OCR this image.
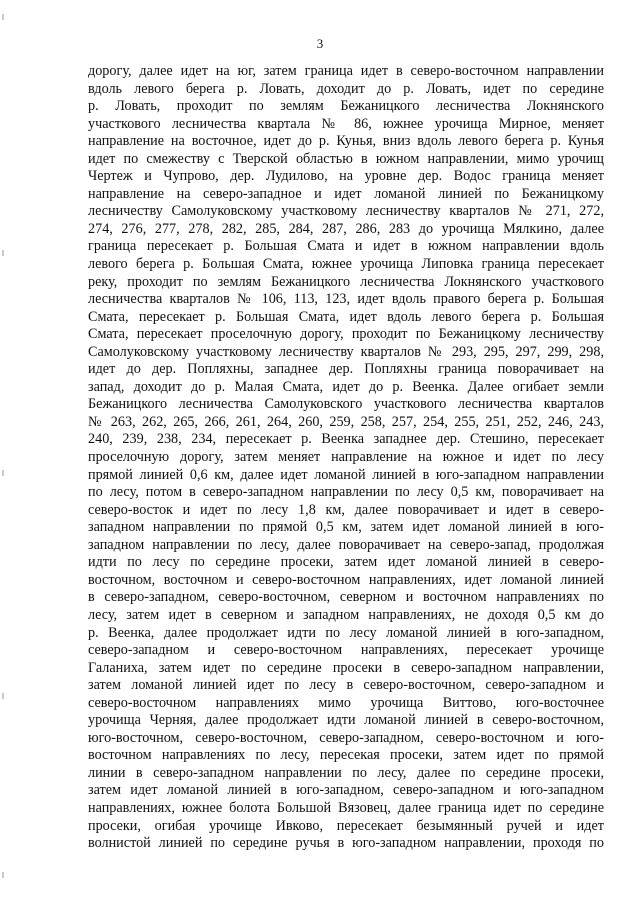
3
дорогу, далее идет на юг, затем граница идет в северо-восточном направлении
вдоль левого берега р. Ловать, доходит до р. Ловать, идет по середине
р. Ловать, проходит по землям Бежаницкого лесничества Локнянского
участкового лесничества квартала № 86, южнее урочища Мирное, меняет
направление на восточное, идет до р. Кунья, вниз вдоль левого берега р. Кунья
идет по смежеству с Тверской областью в южном направлении, мимо урочищ
Чертеж и Чупрово, дер. Лудилово, на уровне дер. Водос граница меняет
направление на северо-западное и идет ломаной линией по Бежаницкому
лесничеству Самолуковскому участковому лесничеству кварталов № 271, 272,
274, 276, 277, 278, 282, 285, 284, 287, 286, 283 до урочища Мялкино, далее
граница пересекает р. Большая Смата и идет в южном направлении вдоль
левого берега р. Большая Смата, южнее урочища Липовка граница пересекает
реку, проходит по землям Бежаницкого лесничества Локнянского участкового
лесничества кварталов № 106, 113, 123, идет вдоль правого берега р. Большая
Смата, пересекает р. Большая Смата, идет вдоль левого берега р. Большая
Смата, пересекает проселочную дорогу, проходит по Бежаницкому лесничеству
Самолуковскому участковому лесничеству кварталов № 293, 295, 297, 299, 298,
идет до дер. Попляхны, западнее дер. Попляхны граница поворачивает на
запад, доходит до р. Малая Смата, идет до р. Веенка. Далее огибает земли
Бежаницкого лесничества Самолуковского участкового лесничества кварталов
№ 263, 262, 265, 266, 261, 264, 260, 259, 258, 257, 254, 255, 251, 252, 246, 243,
240, 239, 238, 234, пересекает р. Веенка западнее дер. Стешино, пересекает
проселочную дорогу, затем меняет направление на южное и идет по лесу
прямой линией 0,6 км, далее идет ломаной линией в юго-западном направлении
по лесу, потом в северо-западном направлении по лесу 0,5 км, поворачивает на
северо-восток и идет по лесу 1,8 км, далее поворачивает и идет в северо-
западном направлении по прямой 0,5 км, затем идет ломаной линией в юго-
западном направлении по лесу, далее поворачивает на северо-запад, продолжая
идти по лесу по середине просеки, затем идет ломаной линией в северо-
восточном, восточном и северо-восточном направлениях, идет ломаной линией
в северо-западном, северо-восточном, северном и восточном направлениях по
лесу, затем идет в северном и западном направлениях, не доходя 0,5 км до
р. Веенка, далее продолжает идти по лесу ломаной линией в юго-западном,
северо-западном и северо-восточном направлениях, пересекает урочище
Галаниха, затем идет по середине просеки в северо-западном направлении,
затем ломаной линией идет по лесу в северо-восточном, северо-западном и
северо-восточном направлениях мимо урочища Виттово, юго-восточнее
урочища Черняя, далее продолжает идти ломаной линией в северо-восточном,
юго-восточном, северо-восточном, северо-западном, северо-восточном и юго-
восточном направлениях по лесу, пересекая просеки, затем идет по прямой
линии в северо-западном направлении по лесу, далее по середине просеки,
затем идет ломаной линией в юго-западном, северо-западном и юго-западном
направлениях, южнее болота Большой Вязовец, далее граница идет по середине
просеки, огибая урочище Ивково, пересекает безымянный ручей и идет
волнистой линией по середине ручья в юго-западном направлении, проходя по
